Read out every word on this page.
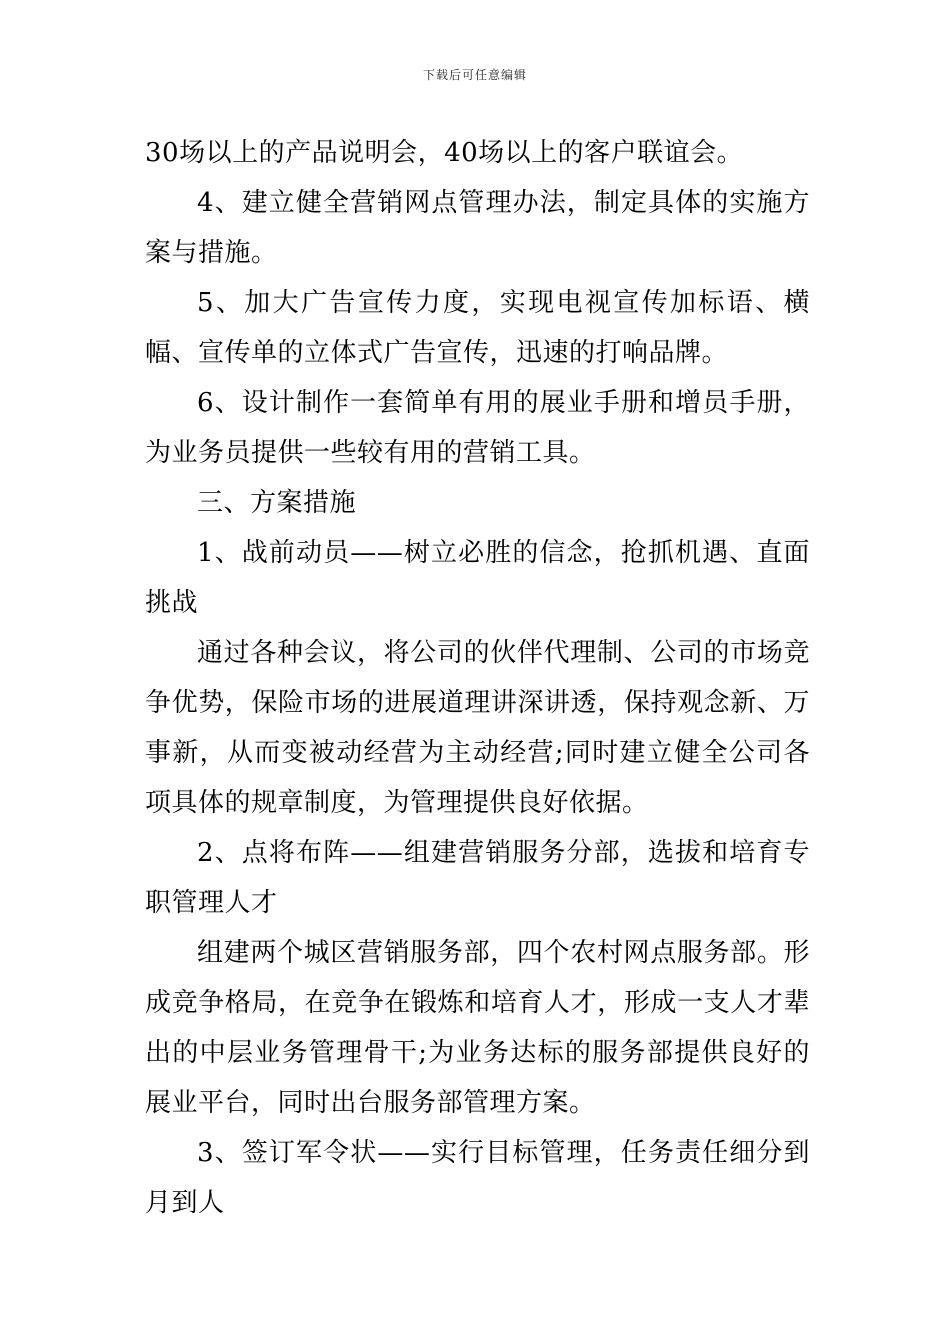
下载后可任意编辑

30场以上的产品说明会，40场以上的客户联谊会。

4、建立健全营销网点管理办法，制定具体的实施方案与措施。

5、加大广告宣传力度，实现电视宣传加标语、横幅、宣传单的立体式广告宣传，迅速的打响品牌。

6、设计制作一套简单有用的展业手册和增员手册，为业务员提供一些较有用的营销工具。

三、方案措施

1、战前动员——树立必胜的信念，抢抓机遇、直面挑战

通过各种会议，将公司的伙伴代理制、公司的市场竞争优势，保险市场的进展道理讲深讲透，保持观念新、万事新，从而变被动经营为主动经营;同时建立健全公司各项具体的规章制度，为管理提供良好依据。

2、点将布阵——组建营销服务分部，选拔和培育专职管理人才

组建两个城区营销服务部，四个农村网点服务部。形成竞争格局，在竞争在锻炼和培育人才，形成一支人才辈出的中层业务管理骨干;为业务达标的服务部提供良好的展业平台，同时出台服务部管理方案。

3、签订军令状——实行目标管理，任务责任细分到月到人
